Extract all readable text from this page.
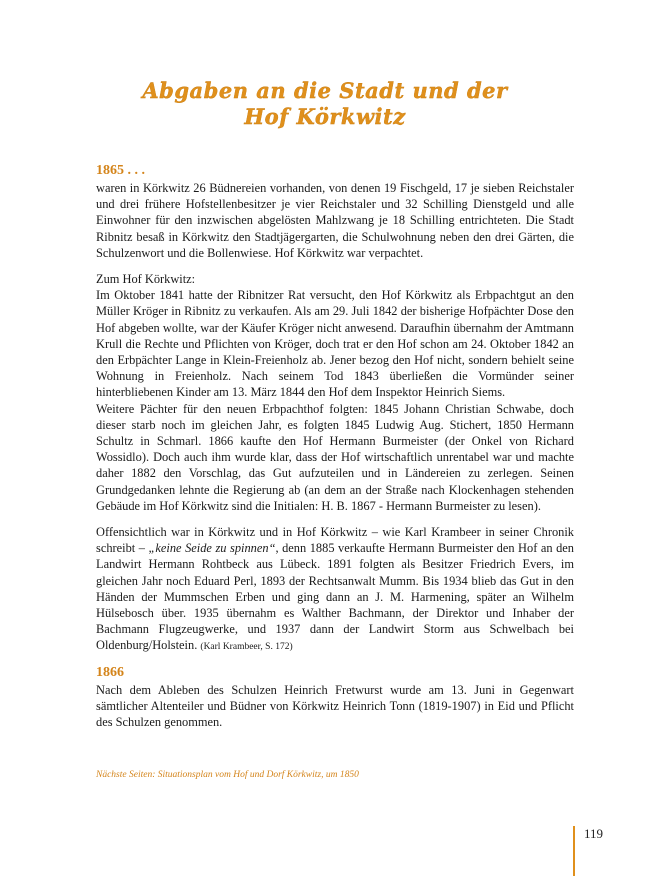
Abgaben an die Stadt und der
Hof Körkwitz
1865 . . .

waren in Körkwitz 26 Büdnereien vorhanden, von denen 19 Fischgeld, 17 je sieben Reichstaler und drei frühere Hofstellenbesitzer je vier Reichstaler und 32 Schilling Dienstgeld und alle Einwohner für den inzwischen abgelösten Mahlzwang je 18 Schilling entrichteten. Die Stadt Ribnitz besaß in Körkwitz den Stadtjägergarten, die Schulwohnung neben den drei Gärten, die Schulzenwort und die Bollenwiese. Hof Körkwitz war verpachtet.

Zum Hof Körkwitz:

Im Oktober 1841 hatte der Ribnitzer Rat versucht, den Hof Körkwitz als Erbpachtgut an den Müller Kröger in Ribnitz zu verkaufen. Als am 29. Juli 1842 der bisherige Hofpächter Dose den Hof abgeben wollte, war der Käufer Kröger nicht anwesend. Daraufhin übernahm der Amtmann Krull die Rechte und Pflichten von Kröger, doch trat er den Hof schon am 24. Oktober 1842 an den Erbpächter Lange in Klein-Freienholz ab. Jener bezog den Hof nicht, sondern behielt seine Wohnung in Freienholz. Nach seinem Tod 1843 überließen die Vormünder seiner hinterbliebenen Kinder am 13. März 1844 den Hof dem Inspektor Heinrich Siems.

Weitere Pächter für den neuen Erbpachthof folgten: 1845 Johann Christian Schwabe, doch dieser starb noch im gleichen Jahr, es folgten 1845 Ludwig Aug. Stichert, 1850 Hermann Schultz in Schmarl. 1866 kaufte den Hof Hermann Burmeister (der Onkel von Richard Wossidlo). Doch auch ihm wurde klar, dass der Hof wirtschaftlich unrentabel war und machte daher 1882 den Vorschlag, das Gut aufzuteilen und in Ländereien zu zerlegen. Seinen Grundgedanken lehnte die Regierung ab (an dem an der Straße nach Klockenhagen stehenden Gebäude im Hof Körkwitz sind die Initialen: H. B. 1867 - Hermann Burmeister zu lesen).

Offensichtlich war in Körkwitz und in Hof Körkwitz – wie Karl Krambeer in seiner Chronik schreibt – „keine Seide zu spinnen“, denn 1885 verkaufte Hermann Burmeister den Hof an den Landwirt Hermann Rohtbeck aus Lübeck. 1891 folgten als Besitzer Friedrich Evers, im gleichen Jahr noch Eduard Perl, 1893 der Rechtsanwalt Mumm. Bis 1934 blieb das Gut in den Händen der Mummschen Erben und ging dann an J. M. Harmening, später an Wilhelm Hülsebosch über. 1935 übernahm es Walther Bachmann, der Direktor und Inhaber der Bachmann Flugzeugwerke, und 1937 dann der Landwirt Storm aus Schwelbach bei Oldenburg/Holstein. (Karl Krambeer, S. 172)

1866

Nach dem Ableben des Schulzen Heinrich Fretwurst wurde am 13. Juni in Gegenwart sämtlicher Altenteiler und Büdner von Körkwitz Heinrich Tonn (1819-1907) in Eid und Pflicht des Schulzen genommen.

Nächste Seiten: Situationsplan vom Hof und Dorf Körkwitz, um 1850
119
